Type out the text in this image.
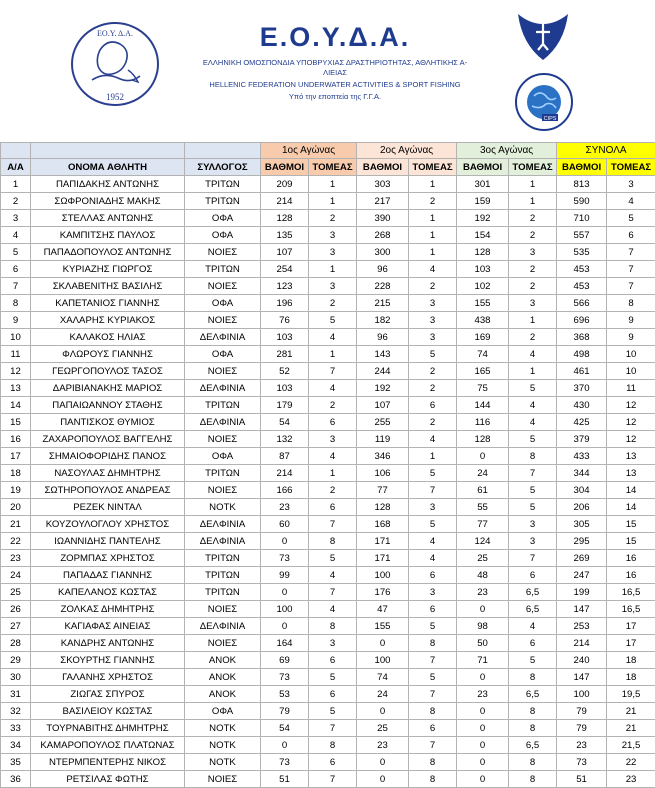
ΕΟ.Υ. Δ.Α.
1952
Ε.Ο.Υ.Δ.Α.
ΕΛΛΗΝΙΚΗ ΟΜΟΣΠΟΝΔΙΑ ΥΠΟΒΡΥΧΙΑΣ ΔΡΑΣΤΗΡΙΟΤΗΤΑΣ, ΑΘΛΗΤΙΚΗΣ Α-
ΛΙΕΙΑΣ
HELLENIC FEDERATION UNDERWATER ACTIVITIES & SPORT FISHING
Υπό την εποπτεία της Γ.Γ.Α.
CIPS
			1ος Αγώνας		2ος Αγώνας		3ος Αγώνας		ΣΥΝΟΛΑ	
Α/Α	ΟΝΟΜΑ ΑΘΛΗΤΗ	ΣΥΛΛΟΓΟΣ	ΒΑΘΜΟΙ	ΤΟΜΕΑΣ	ΒΑΘΜΟΙ	ΤΟΜΕΑΣ	ΒΑΘΜΟΙ	ΤΟΜΕΑΣ	ΒΑΘΜΟΙ	ΤΟΜΕΑΣ
1	ΠΑΠΙΔΑΚΗΣ ΑΝΤΩΝΗΣ	ΤΡΙΤΩΝ	209	1	303	1	301	1	813	3
2	ΣΩΦΡΟΝΙΑΔΗΣ ΜΑΚΗΣ	ΤΡΙΤΩΝ	214	1	217	2	159	1	590	4
3	ΣΤΕΛΛΑΣ ΑΝΤΩΝΗΣ	ΟΦΑ	128	2	390	1	192	2	710	5
4	ΚΑΜΠΙΤΣΗΣ ΠΑΥΛΟΣ	ΟΦΑ	135	3	268	1	154	2	557	6
5	ΠΑΠΑΔΟΠΟΥΛΟΣ ΑΝΤΩΝΗΣ	ΝΟΙΕΣ	107	3	300	1	128	3	535	7
6	ΚΥΡΙΑΖΗΣ ΓΙΩΡΓΟΣ	ΤΡΙΤΩΝ	254	1	96	4	103	2	453	7
7	ΣΚΛΑΒΕΝΙΤΗΣ ΒΑΣΙΛΗΣ	ΝΟΙΕΣ	123	3	228	2	102	2	453	7
8	ΚΑΠΕΤΑΝΙΟΣ ΓΙΑΝΝΗΣ	ΟΦΑ	196	2	215	3	155	3	566	8
9	ΧΑΛΑΡΗΣ ΚΥΡΙΑΚΟΣ	ΝΟΙΕΣ	76	5	182	3	438	1	696	9
10	ΚΑΛΑΚΟΣ ΗΛΙΑΣ	ΔΕΛΦΙΝΙΑ	103	4	96	3	169	2	368	9
11	ΦΛΩΡΟΥΣ ΓΙΑΝΝΗΣ	ΟΦΑ	281	1	143	5	74	4	498	10
12	ΓΕΩΡΓΟΠΟΥΛΟΣ ΤΑΣΟΣ	ΝΟΙΕΣ	52	7	244	2	165	1	461	10
13	ΔΑΡΙΒΙΑΝΑΚΗΣ ΜΑΡΙΟΣ	ΔΕΛΦΙΝΙΑ	103	4	192	2	75	5	370	11
14	ΠΑΠΑΙΩΑΝΝΟΥ ΣΤΑΘΗΣ	ΤΡΙΤΩΝ	179	2	107	6	144	4	430	12
15	ΠΑΝΤΙΣΚΟΣ ΘΥΜΙΟΣ	ΔΕΛΦΙΝΙΑ	54	6	255	2	116	4	425	12
16	ΖΑΧΑΡΟΠΟΥΛΟΣ ΒΑΓΓΕΛΗΣ	ΝΟΙΕΣ	132	3	119	4	128	5	379	12
17	ΣΗΜΑΙΟΦΟΡΙΔΗΣ ΠΑΝΟΣ	ΟΦΑ	87	4	346	1	0	8	433	13
18	ΝΑΣΟΥΛΑΣ ΔΗΜΗΤΡΗΣ	ΤΡΙΤΩΝ	214	1	106	5	24	7	344	13
19	ΣΩΤΗΡΟΠΟΥΛΟΣ ΑΝΔΡΕΑΣ	ΝΟΙΕΣ	166	2	77	7	61	5	304	14
20	ΡΕΖΕΚ ΝΙΝΤΑΛ	ΝΟΤΚ	23	6	128	3	55	5	206	14
21	ΚΟΥΖΟΥΛΟΓΛΟΥ ΧΡΗΣΤΟΣ	ΔΕΛΦΙΝΙΑ	60	7	168	5	77	3	305	15
22	ΙΩΑΝΝΙΔΗΣ ΠΑΝΤΕΛΗΣ	ΔΕΛΦΙΝΙΑ	0	8	171	4	124	3	295	15
23	ΖΟΡΜΠΑΣ ΧΡΗΣΤΟΣ	ΤΡΙΤΩΝ	73	5	171	4	25	7	269	16
24	ΠΑΠΑΔΑΣ ΓΙΑΝΝΗΣ	ΤΡΙΤΩΝ	99	4	100	6	48	6	247	16
25	ΚΑΠΕΛΑΝΟΣ ΚΩΣΤΑΣ	ΤΡΙΤΩΝ	0	7	176	3	23	6,5	199	16,5
26	ΖΟΛΚΑΣ ΔΗΜΗΤΡΗΣ	ΝΟΙΕΣ	100	4	47	6	0	6,5	147	16,5
27	ΚΑΓΙΑΦΑΣ ΑΙΝΕΙΑΣ	ΔΕΛΦΙΝΙΑ	0	8	155	5	98	4	253	17
28	ΚΑΝΔΡΗΣ ΑΝΤΩΝΗΣ	ΝΟΙΕΣ	164	3	0	8	50	6	214	17
29	ΣΚΟΥΡΤΗΣ ΓΙΑΝΝΗΣ	ΑΝΟΚ	69	6	100	7	71	5	240	18
30	ΓΑΛΑΝΗΣ ΧΡΗΣΤΟΣ	ΑΝΟΚ	73	5	74	5	0	8	147	18
31	ΖΙΩΓΑΣ ΣΠΥΡΟΣ	ΑΝΟΚ	53	6	24	7	23	6,5	100	19,5
32	ΒΑΣΙΛΕΙΟΥ ΚΩΣΤΑΣ	ΟΦΑ	79	5	0	8	0	8	79	21
33	ΤΟΥΡΝΑΒΙΤΗΣ ΔΗΜΗΤΡΗΣ	ΝΟΤΚ	54	7	25	6	0	8	79	21
34	ΚΑΜΑΡΟΠΟΥΛΟΣ ΠΛΑΤΩΝΑΣ	ΝΟΤΚ	0	8	23	7	0	6,5	23	21,5
35	ΝΤΕΡΜΠΕΝΤΕΡΗΣ ΝΙΚΟΣ	ΝΟΤΚ	73	6	0	8	0	8	73	22
36	ΡΕΤΣΙΛΑΣ ΦΩΤΗΣ	ΝΟΙΕΣ	51	7	0	8	0	8	51	23
